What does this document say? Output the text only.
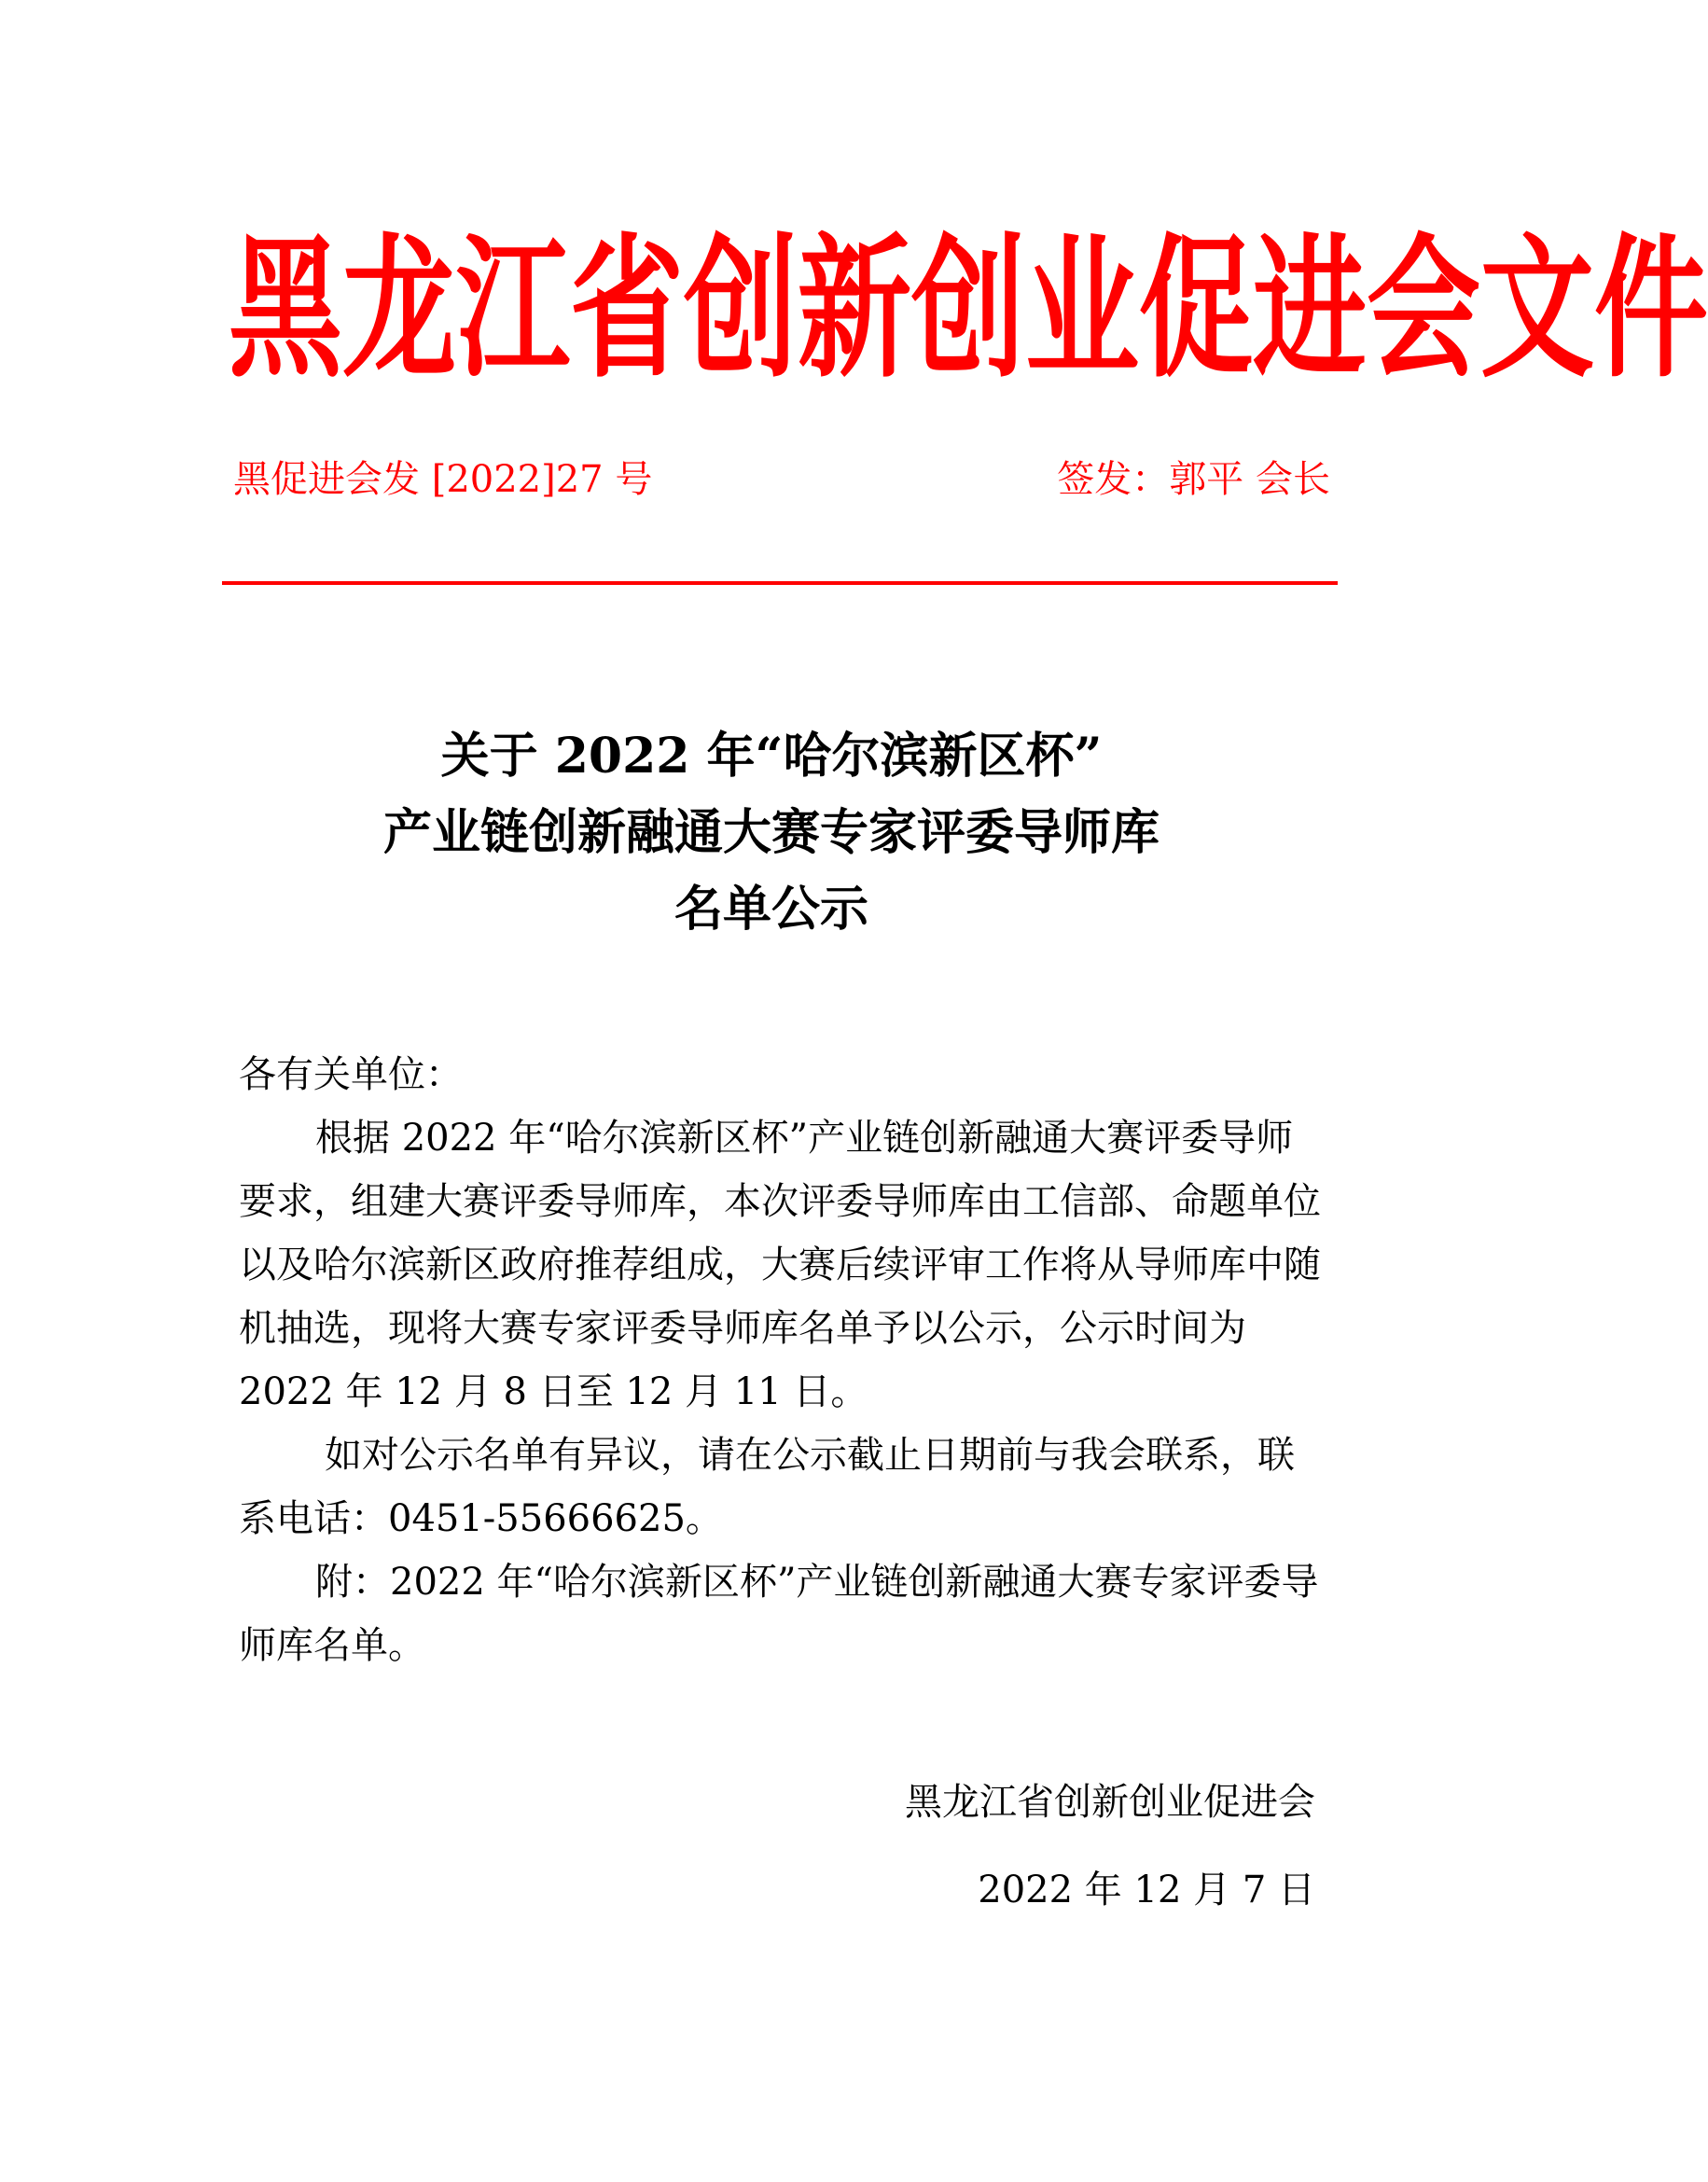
黑龙江省创新创业促进会文件
黑促进会发 [2022]27 号	签发：郭平 会长
关于 2022 年“哈尔滨新区杯”
产业链创新融通大赛专家评委导师库
名单公示

各有关单位：

根据 2022 年“哈尔滨新区杯”产业链创新融通大赛评委导师要求，组建大赛评委导师库，本次评委导师库由工信部、命题单位以及哈尔滨新区政府推荐组成，大赛后续评审工作将从导师库中随机抽选，现将大赛专家评委导师库名单予以公示，公示时间为 2022 年 12 月 8 日至 12 月 11 日。

如对公示名单有异议，请在公示截止日期前与我会联系，联系电话：0451-55666625。

附：2022 年“哈尔滨新区杯”产业链创新融通大赛专家评委导师库名单。

黑龙江省创新创业促进会
2022 年 12 月 7 日
